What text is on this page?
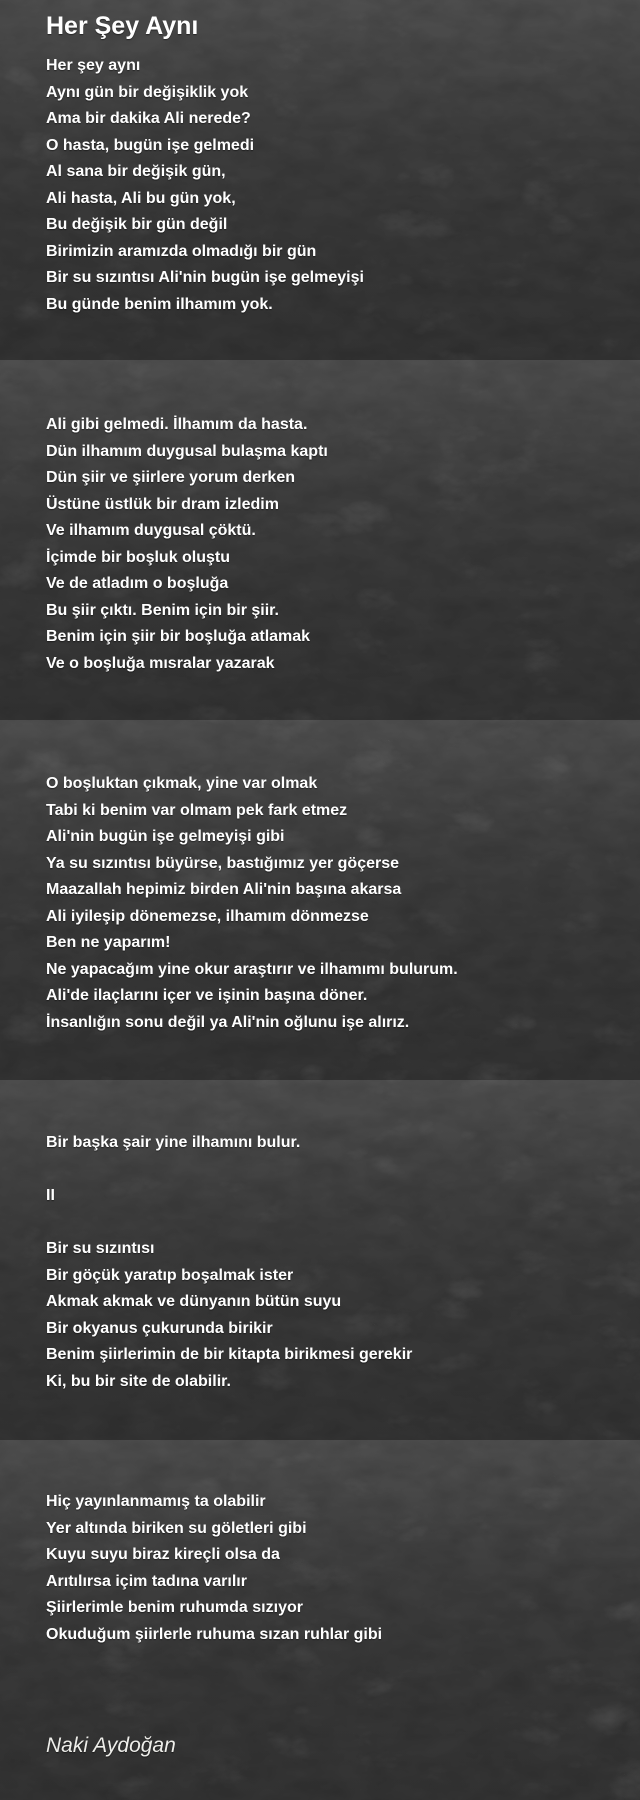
Her Şey Aynı

Her şey aynı

Aynı gün bir değişiklik yok

Ama bir dakika Ali nerede?

O hasta, bugün işe gelmedi

Al sana bir değişik gün,

Ali hasta, Ali bu gün yok,

Bu değişik bir gün değil

Birimizin aramızda olmadığı bir gün

Bir su sızıntısı Ali'nin bugün işe gelmeyişi

Bu günde benim ilhamım yok.

Ali gibi gelmedi. İlhamım da hasta.

Dün ilhamım duygusal bulaşma kaptı

Dün şiir ve şiirlere yorum derken

Üstüne üstlük bir dram izledim

Ve ilhamım duygusal çöktü.

İçimde bir boşluk oluştu

Ve de atladım o boşluğa

Bu şiir çıktı. Benim için bir şiir.

Benim için şiir bir boşluğa atlamak

Ve o boşluğa mısralar yazarak

O boşluktan çıkmak, yine var olmak

Tabi ki benim var olmam pek fark etmez

Ali'nin bugün işe gelmeyişi gibi

Ya su sızıntısı büyürse, bastığımız yer göçerse

Maazallah hepimiz birden Ali'nin başına akarsa

Ali iyileşip dönemezse, ilhamım dönmezse

Ben ne yaparım!

Ne yapacağım yine okur araştırır ve ilhamımı bulurum.

Ali'de ilaçlarını içer ve işinin başına döner.

İnsanlığın sonu değil ya Ali'nin oğlunu işe alırız.

Bir başka şair yine ilhamını bulur.

II

Bir su sızıntısı

Bir göçük yaratıp boşalmak ister

Akmak akmak ve dünyanın bütün suyu

Bir okyanus çukurunda birikir

Benim şiirlerimin de bir kitapta birikmesi gerekir

Ki, bu bir site de olabilir.

Hiç yayınlanmamış ta olabilir

Yer altında biriken su göletleri gibi

Kuyu suyu biraz kireçli olsa da

Arıtılırsa içim tadına varılır

Şiirlerimle benim ruhumda sızıyor

Okuduğum şiirlerle ruhuma sızan ruhlar gibi

Naki Aydoğan
